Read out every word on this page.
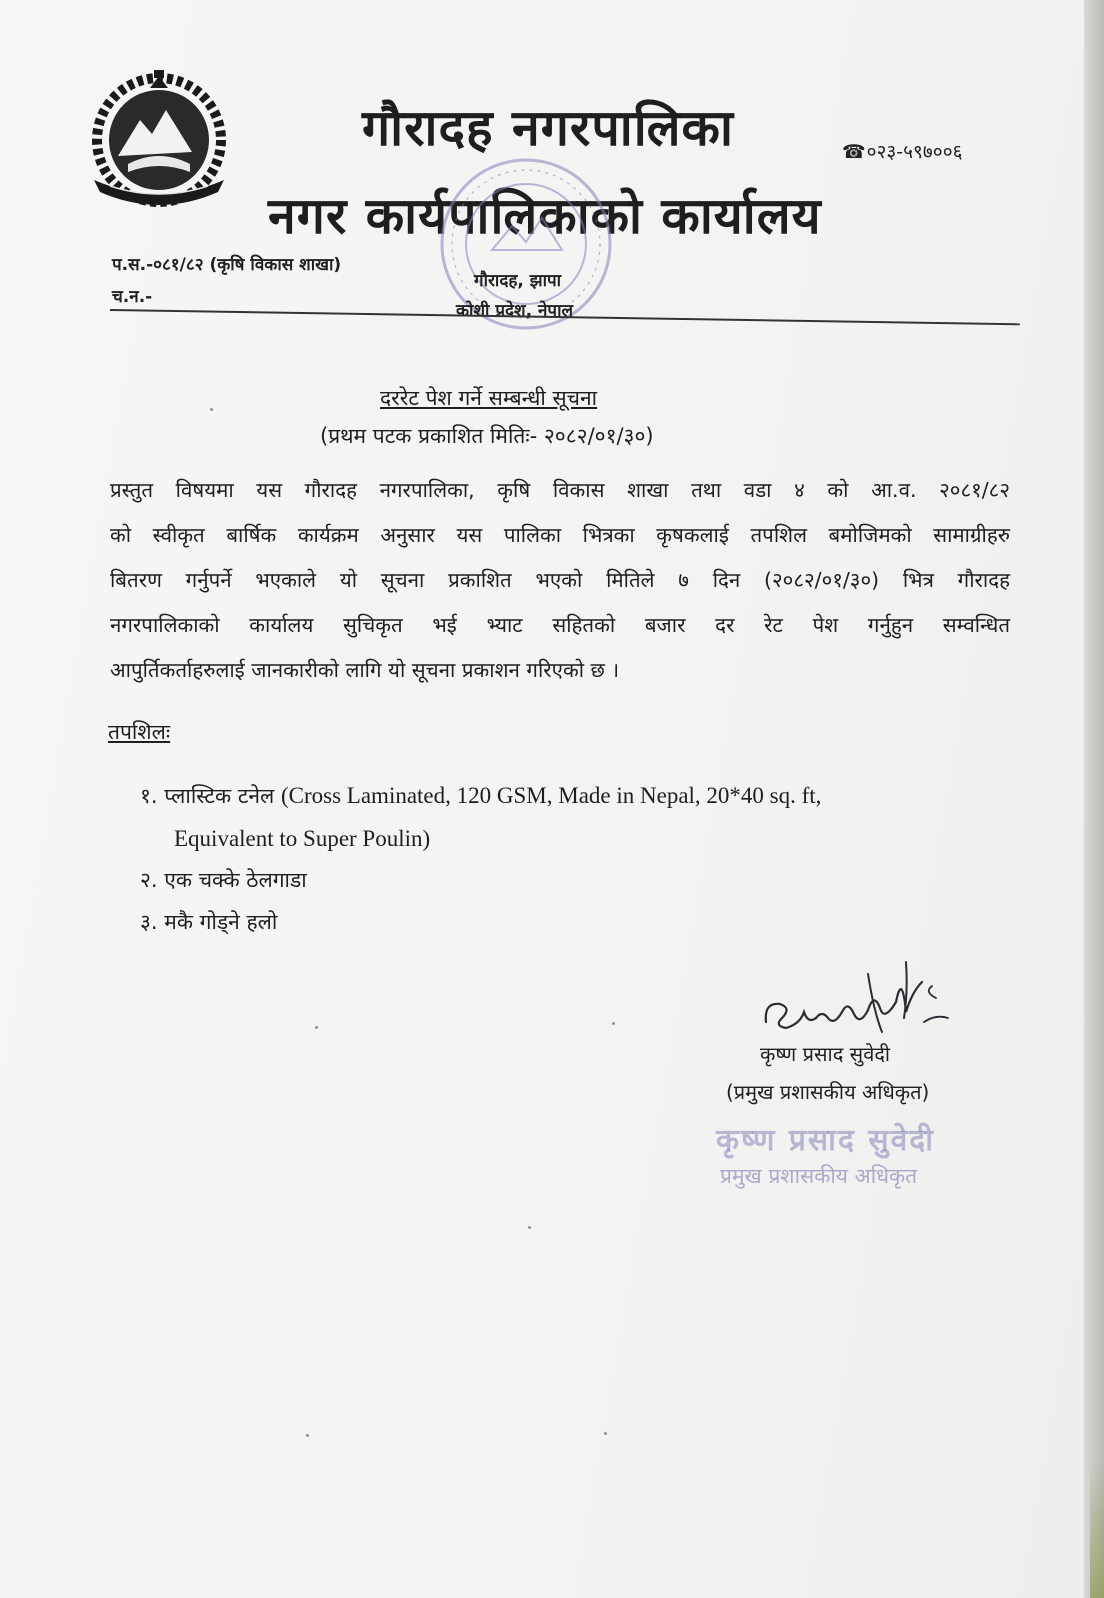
गौरादह नगरपालिका
नगर कार्यपालिकाको कार्यालय
☎०२३-५९७००६
प.स.-०८१/८२ (कृषि विकास शाखा)
च.न.-
गौरादह, झापा
कोशी प्रदेश, नेपाल
दररेट पेश गर्ने सम्बन्धी सूचना
(प्रथम पटक प्रकाशित मितिः- २०८२/०१/३०)
प्रस्तुत विषयमा यस गौरादह नगरपालिका, कृषि विकास शाखा तथा वडा ४ को आ.व. २०८१/८२
को स्वीकृत बार्षिक कार्यक्रम अनुसार यस पालिका भित्रका कृषकलाई तपशिल बमोजिमको सामाग्रीहरु
बितरण गर्नुपर्ने भएकाले यो सूचना प्रकाशित भएको मितिले ७ दिन (२०८२/०१/३०) भित्र गौरादह
नगरपालिकाको कार्यालय सुचिकृत भई भ्याट सहितको बजार दर रेट पेश गर्नुहुन सम्वन्धित
आपुर्तिकर्ताहरुलाई जानकारीको लागि यो सूचना प्रकाशन गरिएको छ ।
तपशिलः
१. प्लास्टिक टनेल (Cross Laminated, 120 GSM, Made in Nepal, 20*40 sq. ft,
Equivalent to Super Poulin)
२. एक चक्के ठेलगाडा
३. मकै गोड्ने हलो
कृष्ण प्रसाद सुवेदी
(प्रमुख प्रशासकीय अधिकृत)
कृष्ण प्रसाद सुवेदी
प्रमुख प्रशासकीय अधिकृत
